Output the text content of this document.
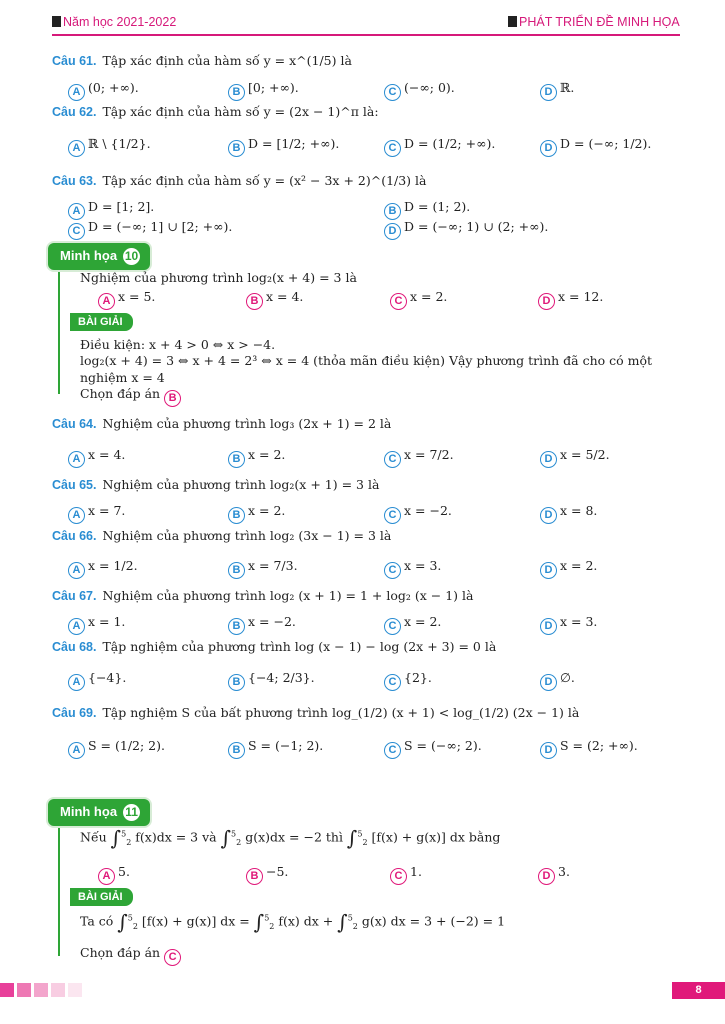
Năm học 2021-2022	PHÁT TRIỂN ĐỀ MINH HỌA
Câu 61. Tập xác định của hàm số y = x^(1/5) là
A (0; +∞).	B [0; +∞).	C (−∞; 0).	D ℝ.
Câu 62. Tập xác định của hàm số y = (2x − 1)^π là:
A ℝ \ {1/2}.	B D = [1/2; +∞).	C D = (1/2; +∞).	D D = (−∞; 1/2).
Câu 63. Tập xác định của hàm số y = (x² − 3x + 2)^(1/3) là
A D = [1; 2].	B D = (1; 2).
C D = (−∞; 1] ∪ [2; +∞).	D D = (−∞; 1) ∪ (2; +∞).
Minh họa 10
Nghiệm của phương trình log₂(x + 4) = 3 là
A x = 5.	B x = 4.	C x = 2.	D x = 12.
BÀI GIẢI
Điều kiện: x + 4 > 0 ⇔ x > −4.
log₂(x + 4) = 3 ⇔ x + 4 = 2³ ⇔ x = 4 (thỏa mãn điều kiện) Vậy phương trình đã cho có một
nghiệm x = 4
Chọn đáp án B
Câu 64. Nghiệm của phương trình log₃ (2x + 1) = 2 là
A x = 4.	B x = 2.	C x = 7/2.	D x = 5/2.
Câu 65. Nghiệm của phương trình log₂(x + 1) = 3 là
A x = 7.	B x = 2.	C x = −2.	D x = 8.
Câu 66. Nghiệm của phương trình log₂ (3x − 1) = 3 là
A x = 1/2.	B x = 7/3.	C x = 3.	D x = 2.
Câu 67. Nghiệm của phương trình log₂ (x + 1) = 1 + log₂ (x − 1) là
A x = 1.	B x = −2.	C x = 2.	D x = 3.
Câu 68. Tập nghiệm của phương trình log (x − 1) − log (2x + 3) = 0 là
A {−4}.	B {−4; 2/3}.	C {2}.	D ∅.
Câu 69. Tập nghiệm S của bất phương trình log_(1/2) (x + 1) < log_(1/2) (2x − 1) là
A S = (1/2; 2).	B S = (−1; 2).	C S = (−∞; 2).	D S = (2; +∞).
Minh họa 11
Nếu ∫$^5_2$ f(x)dx = 3 và ∫$^5_2$ g(x)dx = −2 thì ∫$^5_2$ [f(x) + g(x)] dx bằng
A 5.	B −5.	C 1.	D 3.
BÀI GIẢI
Ta có ∫$^5_2$ [f(x) + g(x)] dx = ∫$^5_2$ f(x) dx + ∫$^5_2$ g(x) dx = 3 + (−2) = 1
Chọn đáp án C
8
